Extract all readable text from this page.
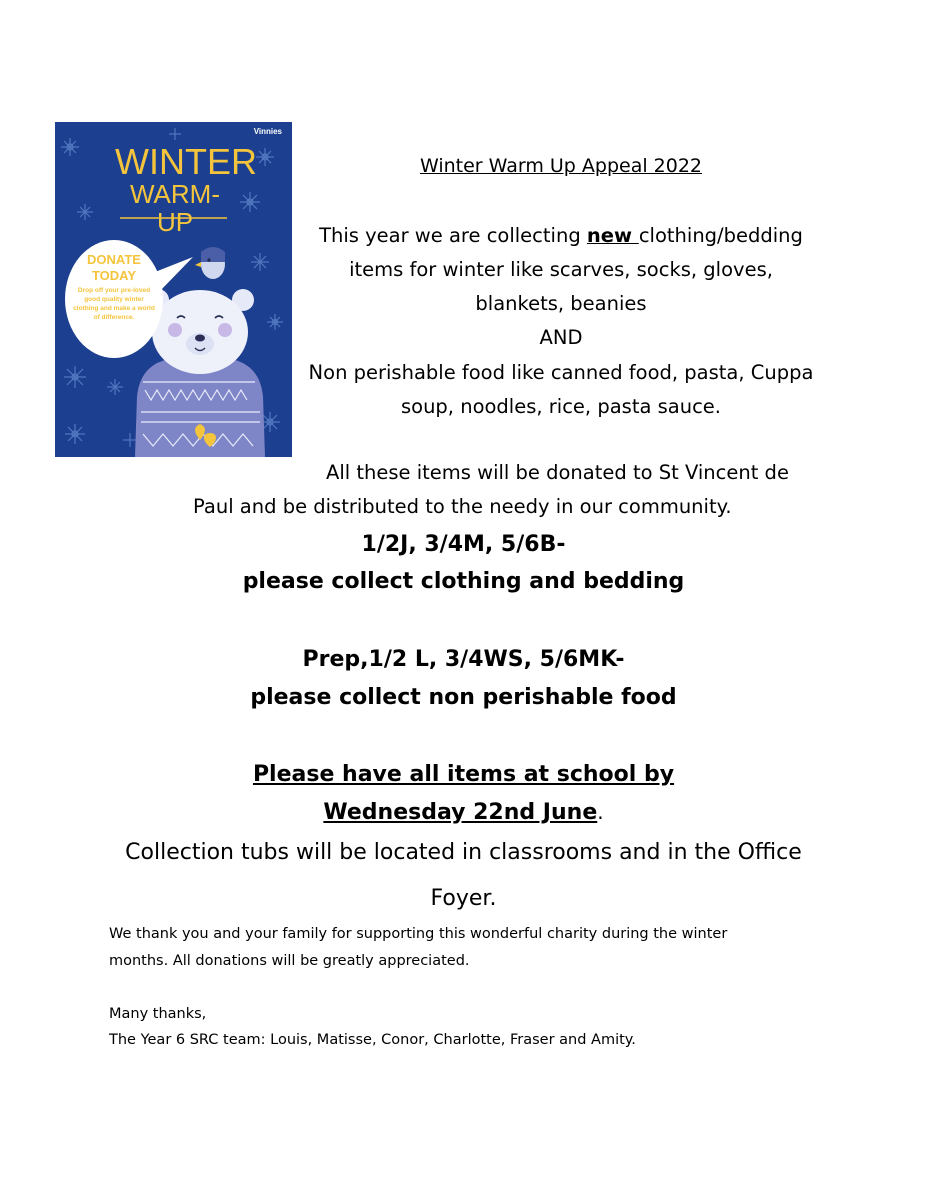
Vinnies
WINTER
WARM-UP
DONATE
TODAY
Drop off your pre-loved good quality winter clothing and make a world of difference.
Winter Warm Up Appeal 2022
This year we are collecting new clothing/bedding
items for winter like scarves, socks, gloves,
blankets, beanies
AND
Non perishable food like canned food, pasta, Cuppa
soup, noodles, rice, pasta sauce.
All these items will be donated to St Vincent de
Paul and be distributed to the needy in our community.
1/2J, 3/4M, 5/6B-
please collect clothing and bedding
Prep,1/2 L, 3/4WS, 5/6MK-
please collect non perishable food
Please have all items at school by
Wednesday 22nd June.
Collection tubs will be located in classrooms and in the Office
Foyer.
We thank you and your family for supporting this wonderful charity during the winter
months. All donations will be greatly appreciated.
Many thanks,
The Year 6 SRC team: Louis, Matisse, Conor, Charlotte, Fraser and Amity.
